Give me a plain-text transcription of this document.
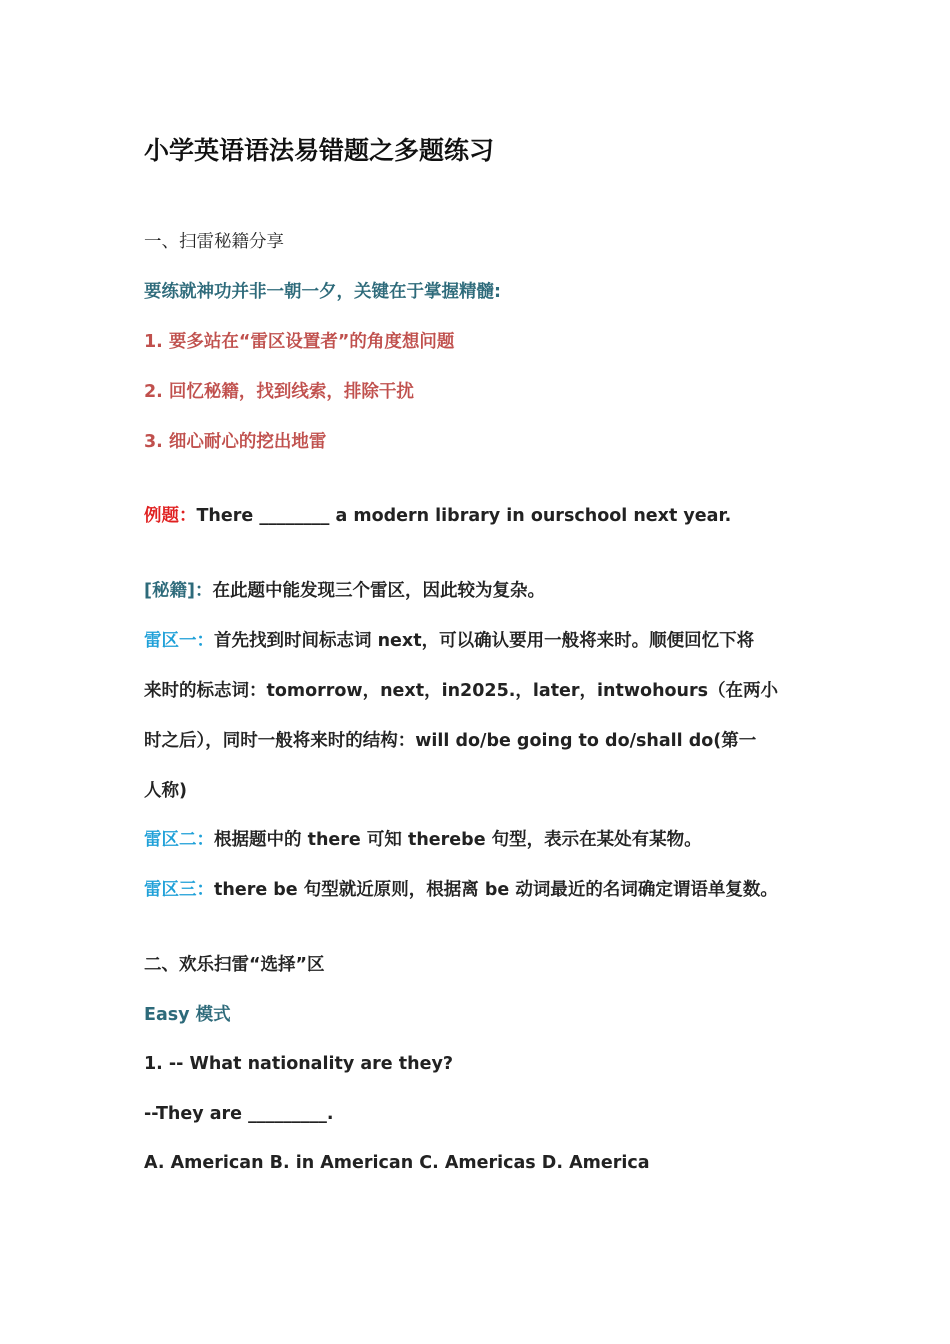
小学英语语法易错题之多题练习
一、扫雷秘籍分享
要练就神功并非一朝一夕，关键在于掌握精髓:
1. 要多站在“雷区设置者”的角度想问题
2. 回忆秘籍，找到线索，排除干扰
3. 细心耐心的挖出地雷
例题：There ________ a modern library in ourschool next year.
[秘籍]：在此题中能发现三个雷区，因此较为复杂。
雷区一：首先找到时间标志词 next，可以确认要用一般将来时。顺便回忆下将
来时的标志词：tomorrow，next，in2025.，later，intwohours（在两小
时之后），同时一般将来时的结构：will do/be going to do/shall do(第一
人称)
雷区二：根据题中的 there 可知 therebe 句型，表示在某处有某物。
雷区三：there be 句型就近原则，根据离 be 动词最近的名词确定谓语单复数。
二、欢乐扫雷“选择”区
Easy 模式
1. -- What nationality are they?
--They are _________.
A. American B. in American C. Americas D. America
